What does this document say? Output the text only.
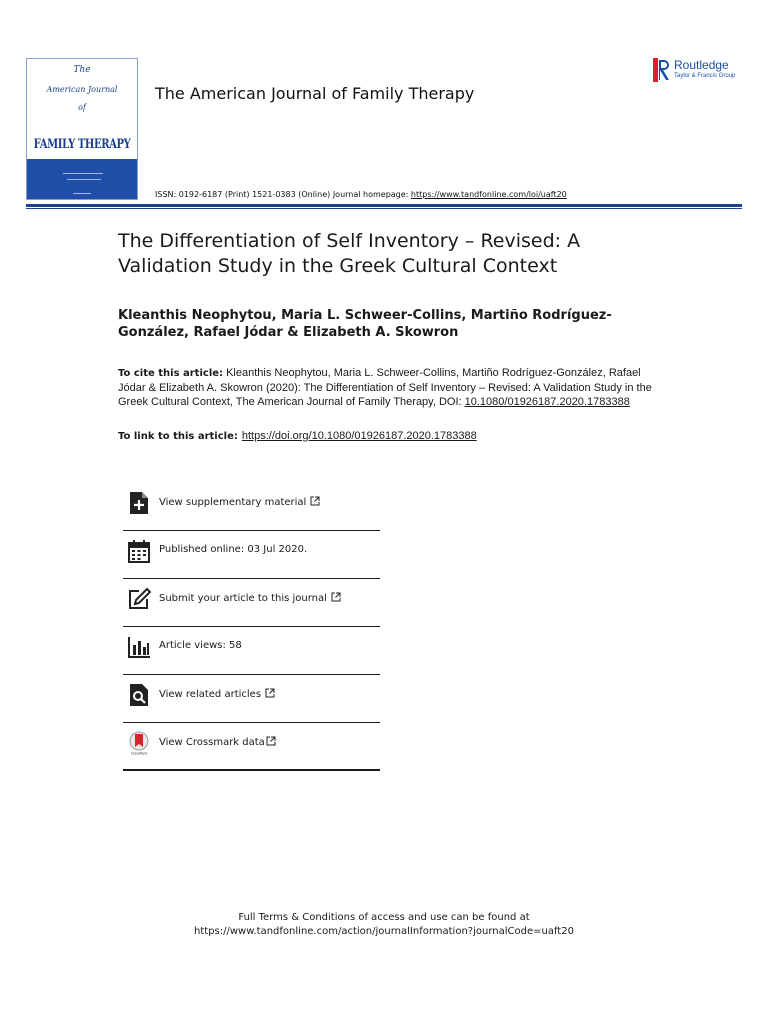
The
American Journal
of
FAMILY THERAPY
The American Journal of Family Therapy
Routledge
Taylor & Francis Group
ISSN: 0192-6187 (Print) 1521-0383 (Online) Journal homepage: https://www.tandfonline.com/loi/uaft20
The Differentiation of Self Inventory – Revised: A Validation Study in the Greek Cultural Context
Kleanthis Neophytou, Maria L. Schweer-Collins, Martiño Rodríguez-González, Rafael Jódar & Elizabeth A. Skowron
To cite this article: Kleanthis Neophytou, Maria L. Schweer-Collins, Martiño Rodríguez-González, Rafael Jódar & Elizabeth A. Skowron (2020): The Differentiation of Self Inventory – Revised: A Validation Study in the Greek Cultural Context, The American Journal of Family Therapy, DOI: 10.1080/01926187.2020.1783388
To link to this article: https://doi.org/10.1080/01926187.2020.1783388
View supplementary material
Published online: 03 Jul 2020.
Submit your article to this journal
Article views: 58
View related articles
CrossMark
View Crossmark data
Full Terms & Conditions of access and use can be found at
https://www.tandfonline.com/action/journalInformation?journalCode=uaft20
